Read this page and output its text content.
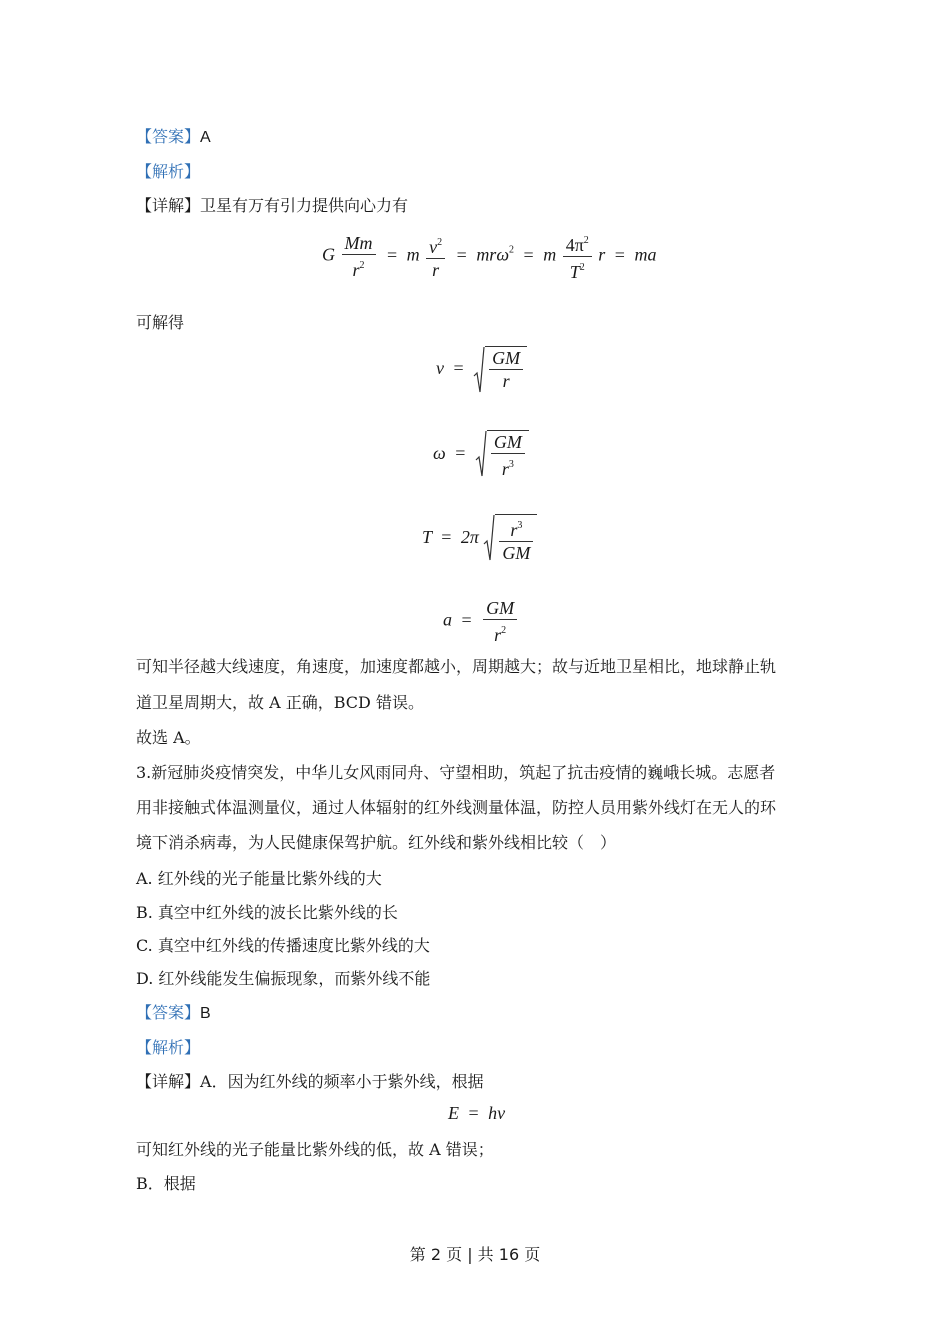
【答案】A
【解析】
【详解】卫星有万有引力提供向心力有
G $\frac{Mm}{r^2} = m \frac{v^2}{r} = mr\omega^2 = m \frac{4\pi^2}{T^2}$ r = ma
可解得
$v = \frac{GM}{r}$
$\omega = \frac{GM}{r^3}$
$T = 2\pi \frac{r^3}{GM}$
$a = \frac{GM}{r^2}$
可知半径越大线速度，角速度，加速度都越小，周期越大；故与近地卫星相比，地球静止轨
道卫星周期大，故 A 正确，BCD 错误。
故选 A。
3.新冠肺炎疫情突发，中华儿女风雨同舟、守望相助，筑起了抗击疫情的巍峨长城。志愿者
用非接触式体温测量仪，通过人体辐射的红外线测量体温，防控人员用紫外线灯在无人的环
境下消杀病毒，为人民健康保驾护航。红外线和紫外线相比较（　）
A. 红外线的光子能量比紫外线的大
B. 真空中红外线的波长比紫外线的长
C. 真空中红外线的传播速度比紫外线的大
D. 红外线能发生偏振现象，而紫外线不能
【答案】B
【解析】
【详解】A．因为红外线的频率小于紫外线，根据
E = hν
可知红外线的光子能量比紫外线的低，故 A 错误；
B．根据
第 2 页 | 共 16 页
